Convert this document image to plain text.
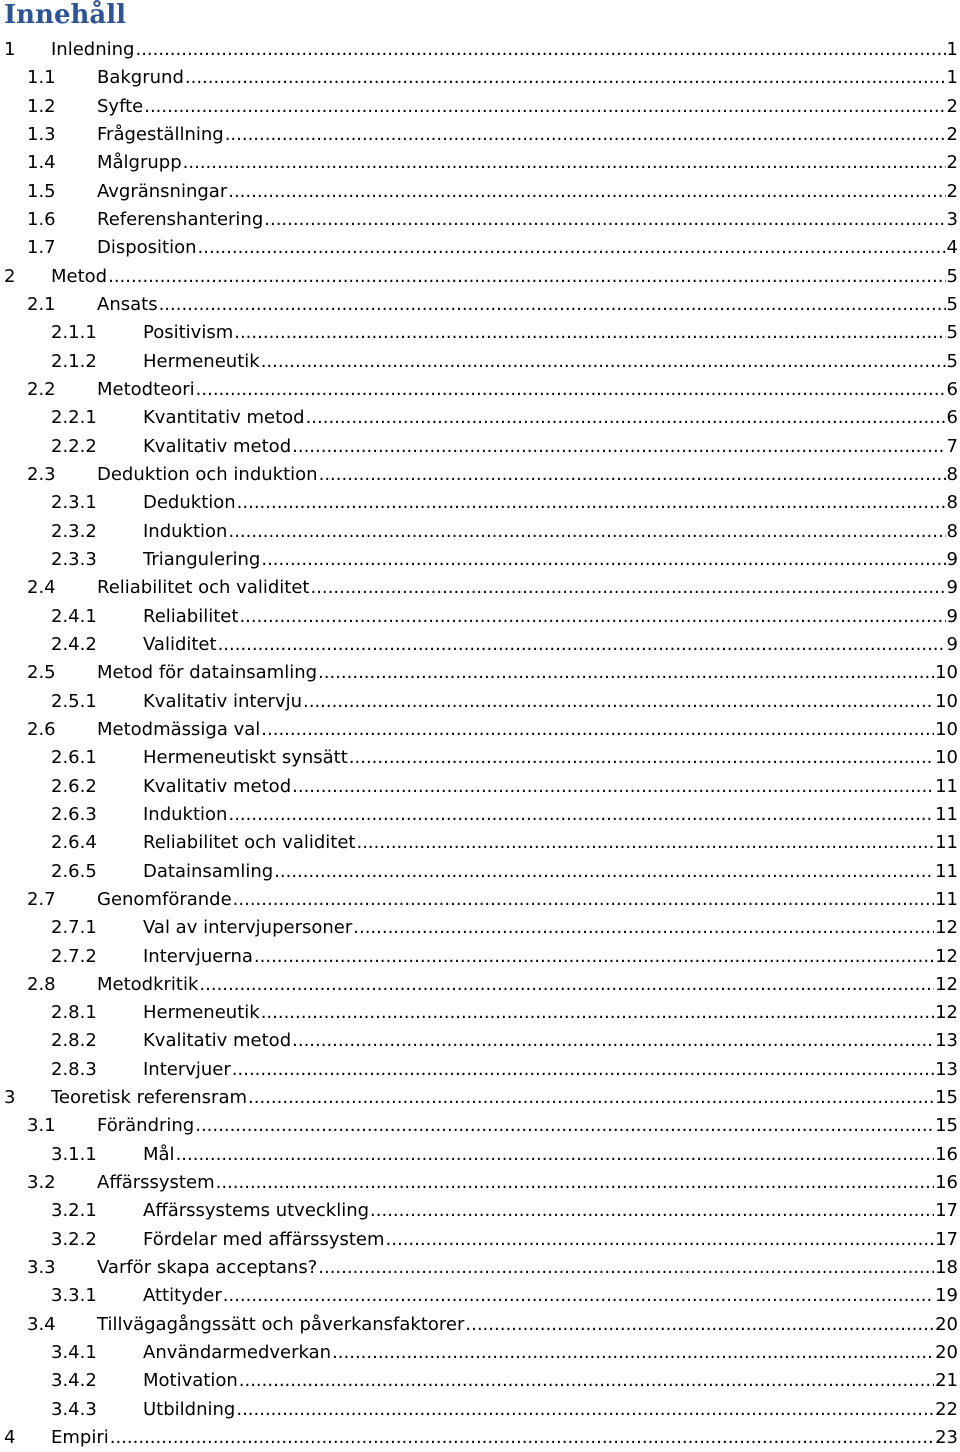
Innehåll
1 Inledning .....	1
1.1 Bakgrund .....	1
1.2 Syfte .....	2
1.3 Frågeställning .....	2
1.4 Målgrupp .....	2
1.5 Avgränsningar .....	2
1.6 Referenshantering .....	3
1.7 Disposition .....	4
2 Metod .....	5
2.1 Ansats .....	5
2.1.1	Positivism .....	5
2.1.2	Hermeneutik .....	5
2.2 Metodteori .....	6
2.2.1	Kvantitativ metod .....	6
2.2.2	Kvalitativ metod .....	7
2.3 Deduktion och induktion .....	8
2.3.1	Deduktion .....	8
2.3.2	Induktion .....	8
2.3.3	Triangulering .....	9
2.4 Reliabilitet och validitet .....	9
2.4.1	Reliabilitet .....	9
2.4.2	Validitet .....	9
2.5 Metod för datainsamling .....	10
2.5.1	Kvalitativ intervju .....	10
2.6 Metodmässiga val .....	10
2.6.1	Hermeneutiskt synsätt .....	10
2.6.2	Kvalitativ metod .....	11
2.6.3	Induktion .....	11
2.6.4	Reliabilitet och validitet .....	11
2.6.5	Datainsamling .....	11
2.7 Genomförande .....	11
2.7.1	Val av intervjupersoner .....	12
2.7.2	Intervjuerna .....	12
2.8 Metodkritik .....	12
2.8.1	Hermeneutik .....	12
2.8.2	Kvalitativ metod .....	13
2.8.3	Intervjuer .....	13
3 Teoretisk referensram .....	15
3.1 Förändring .....	15
3.1.1	Mål .....	16
3.2 Affärssystem .....	16
3.2.1	Affärssystems utveckling .....	17
3.2.2	Fördelar med affärssystem .....	17
3.3 Varför skapa acceptans? .....	18
3.3.1	Attityder .....	19
3.4 Tillvägagångssätt och påverkansfaktorer .....	20
3.4.1	Användarmedverkan .....	20
3.4.2	Motivation .....	21
3.4.3	Utbildning .....	22
4 Empiri .....	23
